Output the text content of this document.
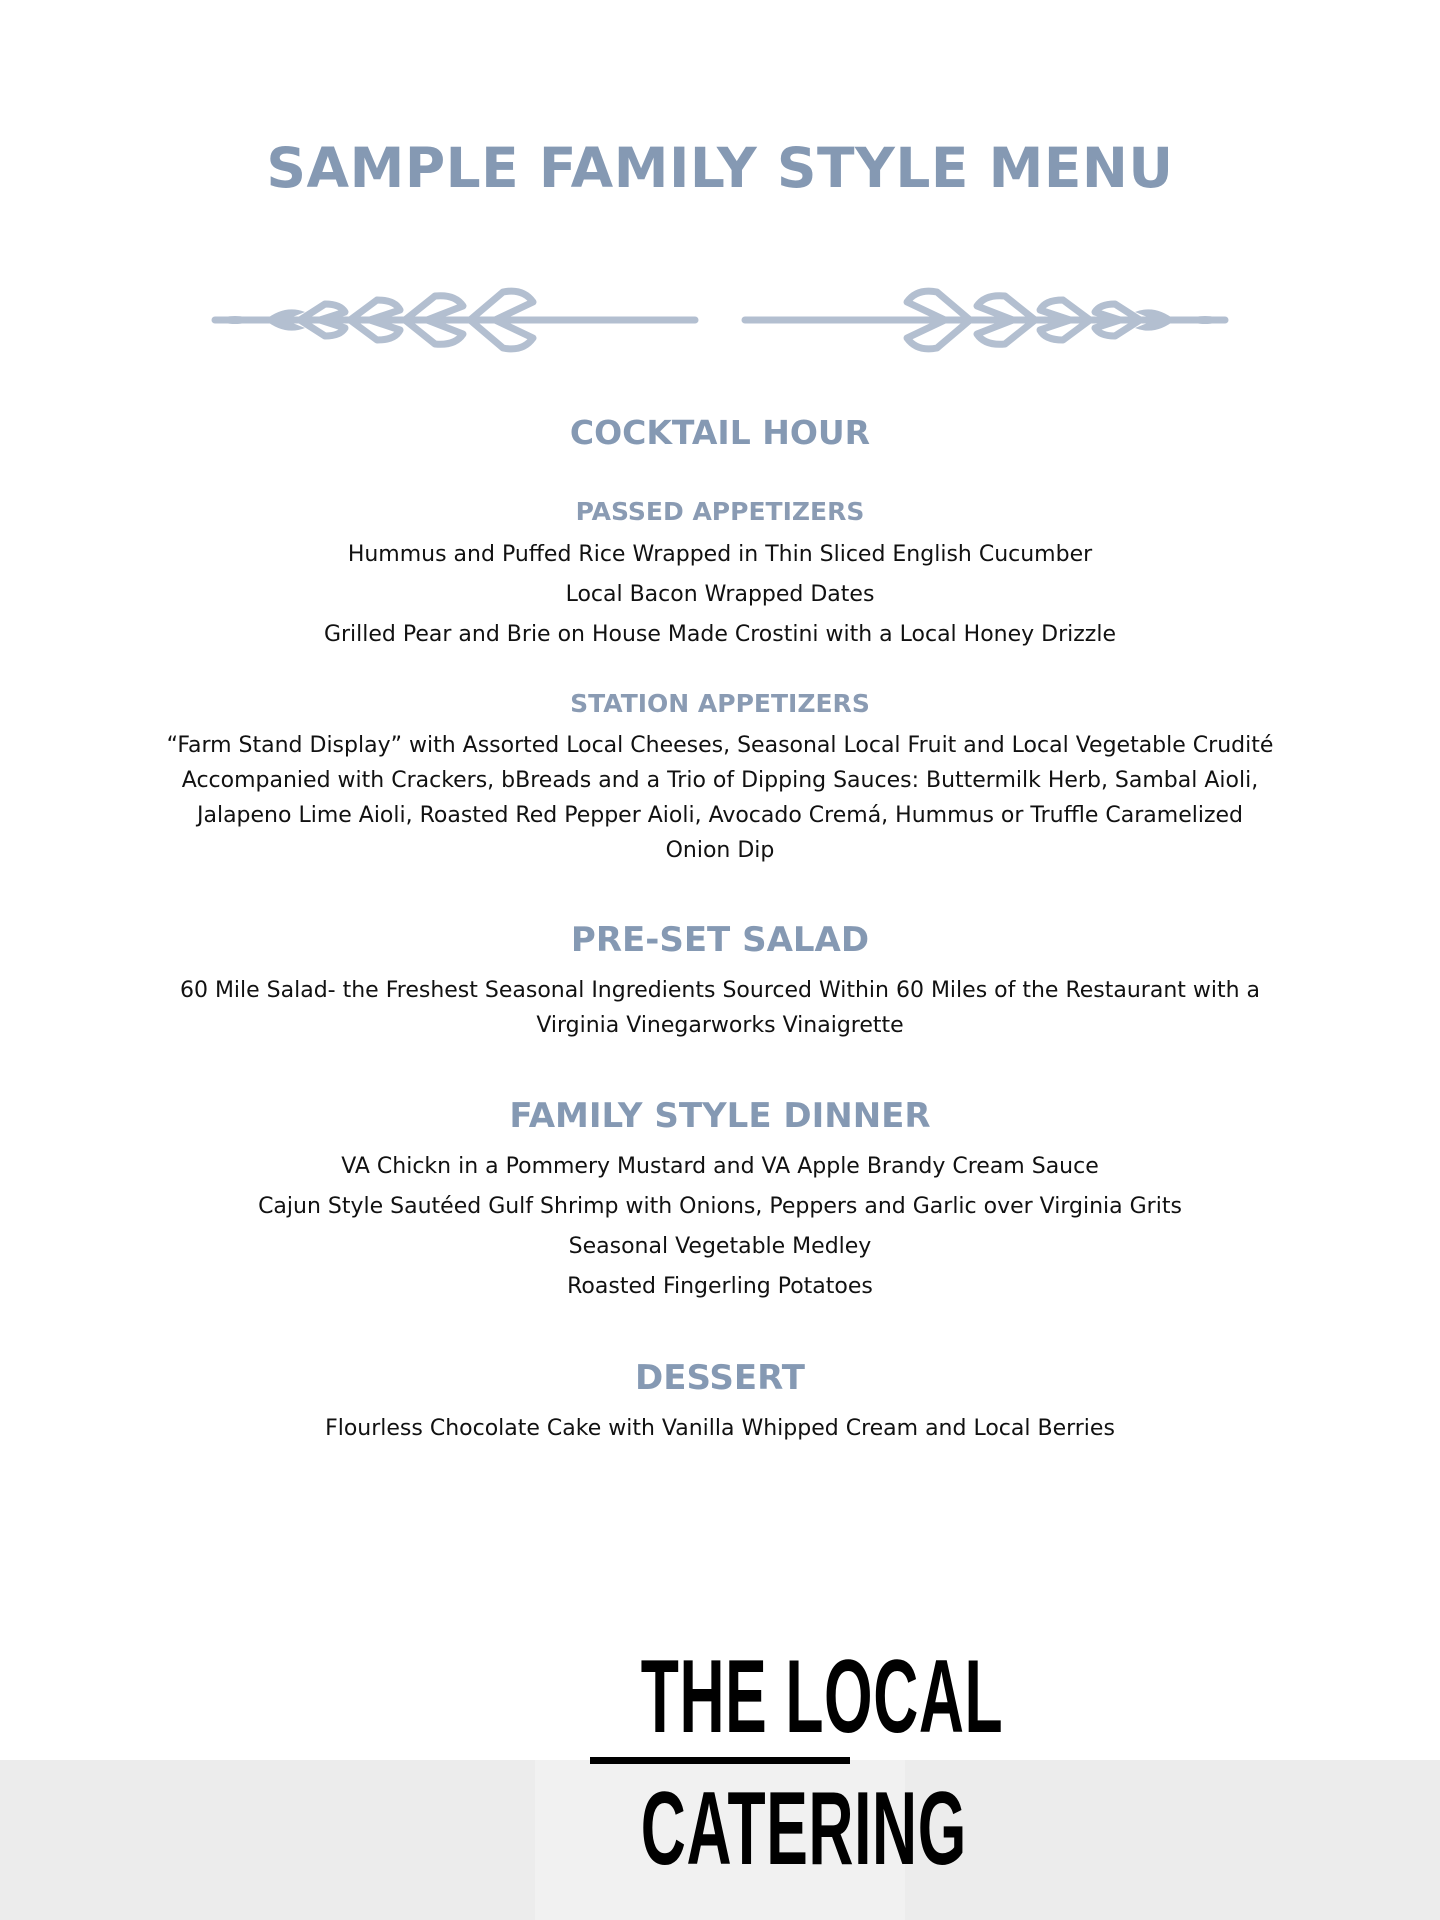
SAMPLE FAMILY STYLE MENU
COCKTAIL HOUR
PASSED APPETIZERS

Hummus and Puffed Rice Wrapped in Thin Sliced English Cucumber

Local Bacon Wrapped Dates

Grilled Pear and Brie on House Made Crostini with a Local Honey Drizzle

STATION APPETIZERS

“Farm Stand Display” with Assorted Local Cheeses, Seasonal Local Fruit and Local Vegetable Crudité

Accompanied with Crackers, bBreads and a Trio of Dipping Sauces: Buttermilk Herb, Sambal Aioli,

Jalapeno Lime Aioli, Roasted Red Pepper Aioli, Avocado Cremá, Hummus or Truffle Caramelized

Onion Dip

PRE-SET SALAD

60 Mile Salad- the Freshest Seasonal Ingredients Sourced Within 60 Miles of the Restaurant with a

Virginia Vinegarworks Vinaigrette

FAMILY STYLE DINNER

VA Chickn in a Pommery Mustard and VA Apple Brandy Cream Sauce

Cajun Style Sautéed Gulf Shrimp with Onions, Peppers and Garlic over Virginia Grits

Seasonal Vegetable Medley

Roasted Fingerling Potatoes

DESSERT

Flourless Chocolate Cake with Vanilla Whipped Cream and Local Berries

THE LOCAL
CATERING
